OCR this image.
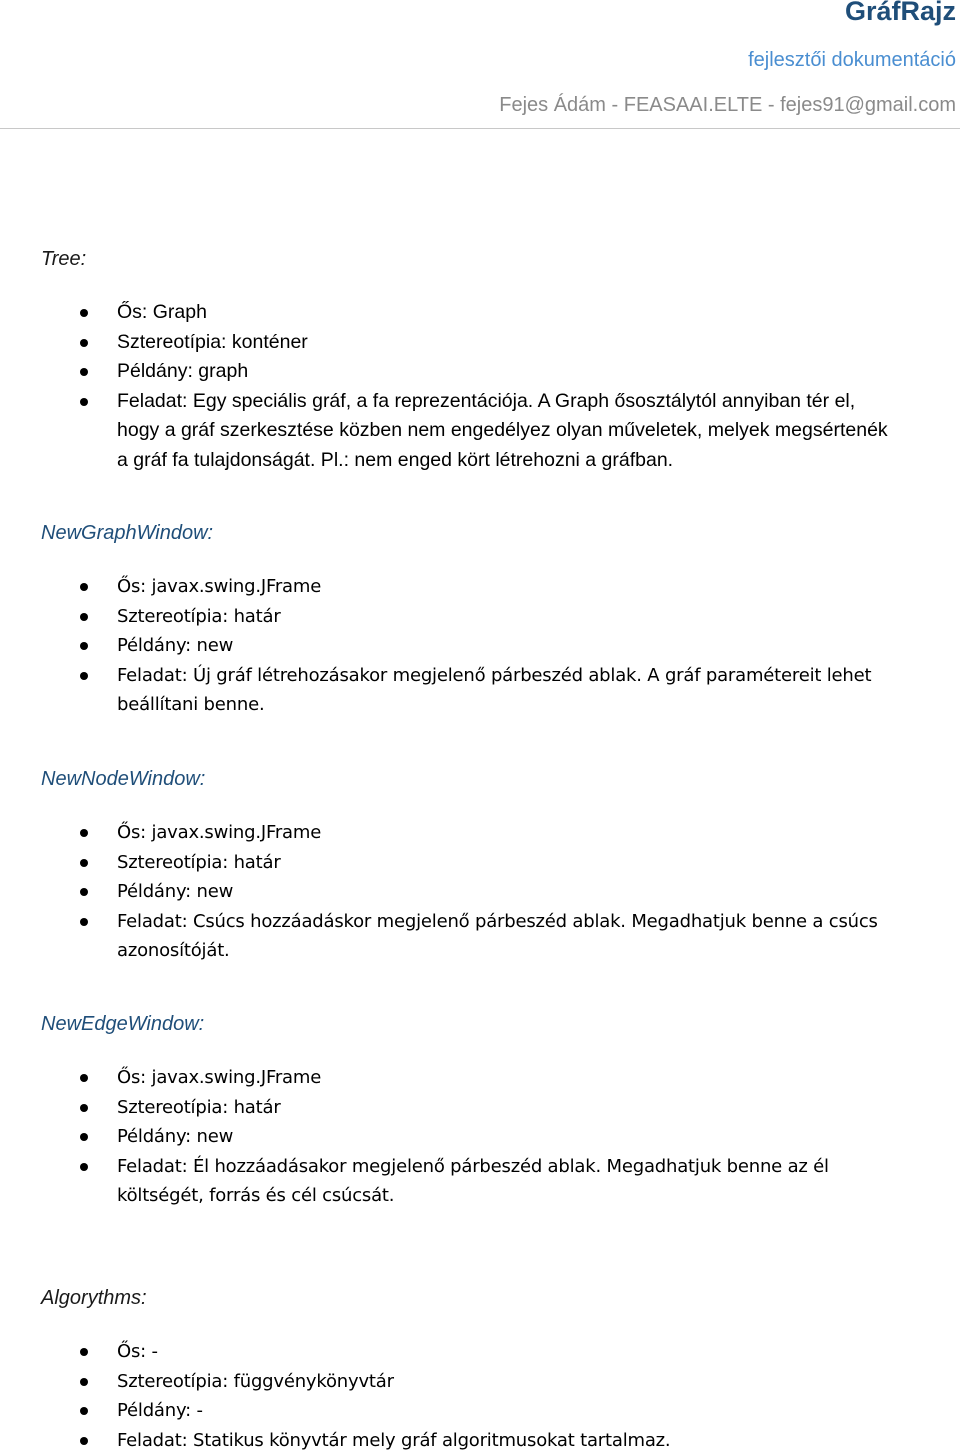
GráfRajz
fejlesztői dokumentáció
Fejes Ádám - FEASAAI.ELTE - fejes91@gmail.com
Tree:
Ős: Graph
Sztereotípia: konténer
Példány: graph
Feladat: Egy speciális gráf, a fa reprezentációja. A Graph ősosztálytól annyiban tér el,
hogy a gráf szerkesztése közben nem engedélyez olyan műveletek, melyek megsértenék
a gráf fa tulajdonságát. Pl.: nem enged kört létrehozni a gráfban.
NewGraphWindow:
Ős: javax.swing.JFrame
Sztereotípia: határ
Példány: new
Feladat: Új gráf létrehozásakor megjelenő párbeszéd ablak. A gráf paramétereit lehet
beállítani benne.
NewNodeWindow:
Ős: javax.swing.JFrame
Sztereotípia: határ
Példány: new
Feladat: Csúcs hozzáadáskor megjelenő párbeszéd ablak. Megadhatjuk benne a csúcs
azonosítóját.
NewEdgeWindow:
Ős: javax.swing.JFrame
Sztereotípia: határ
Példány: new
Feladat: Él hozzáadásakor megjelenő párbeszéd ablak. Megadhatjuk benne az él
költségét, forrás és cél csúcsát.
Algorythms:
Ős: -
Sztereotípia: függvénykönyvtár
Példány: -
Feladat: Statikus könyvtár mely gráf algoritmusokat tartalmaz.
